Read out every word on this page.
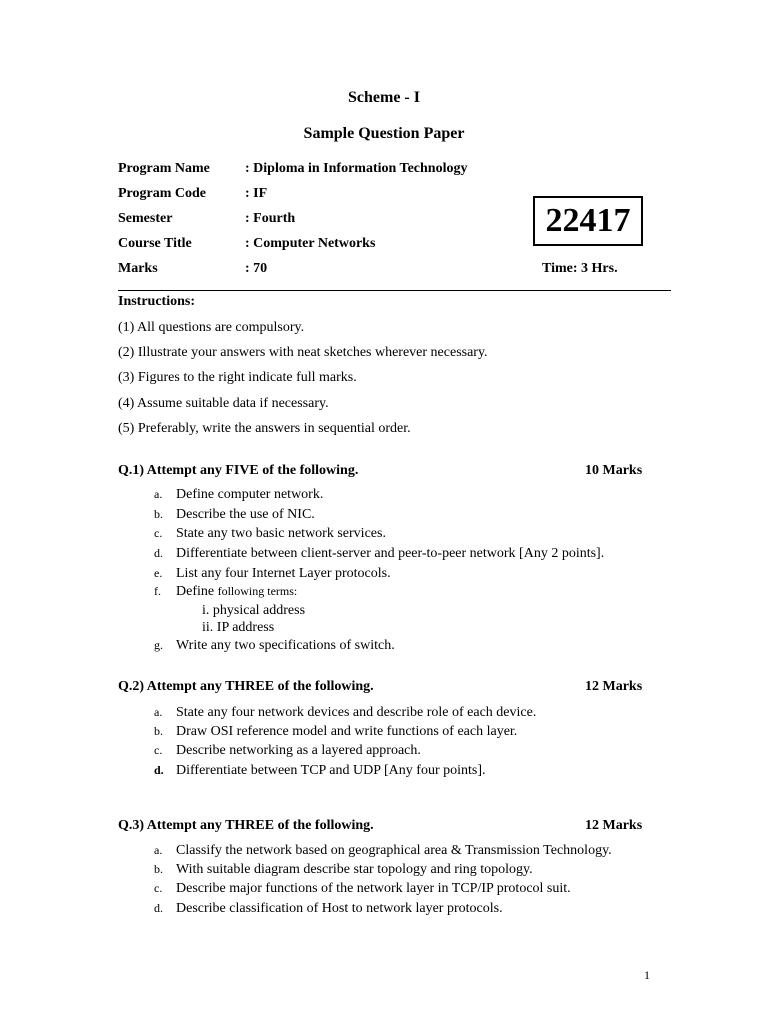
Scheme - I
Sample Question Paper
Program Name	: Diploma in Information Technology
Program Code	: IF
Semester	: Fourth
Course Title	: Computer Networks
Marks	: 70
22417
Time: 3 Hrs.
Instructions:
(1) All questions are compulsory.
(2) Illustrate your answers with neat sketches wherever necessary.
(3) Figures to the right indicate full marks.
(4) Assume suitable data if necessary.
(5) Preferably, write the answers in sequential order.
Q.1) Attempt any FIVE of the following.	10 Marks
a. Define computer network.
b. Describe the use of NIC.
c. State any two basic network services.
d. Differentiate between client-server and peer-to-peer network [Any 2 points].
e. List any four Internet Layer protocols.
f. Define following terms:
i. physical address
ii. IP address
g. Write any two specifications of switch.
Q.2) Attempt any THREE of the following.	12 Marks
a. State any four network devices and describe role of each device.
b. Draw OSI reference model and write functions of each layer.
c. Describe networking as a layered approach.
d. Differentiate between TCP and UDP [Any four points].
Q.3) Attempt any THREE of the following.	12 Marks
a. Classify the network based on geographical area & Transmission Technology.
b. With suitable diagram describe star topology and ring topology.
c. Describe major functions of the network layer in TCP/IP protocol suit.
d. Describe classification of Host to network layer protocols.
1
